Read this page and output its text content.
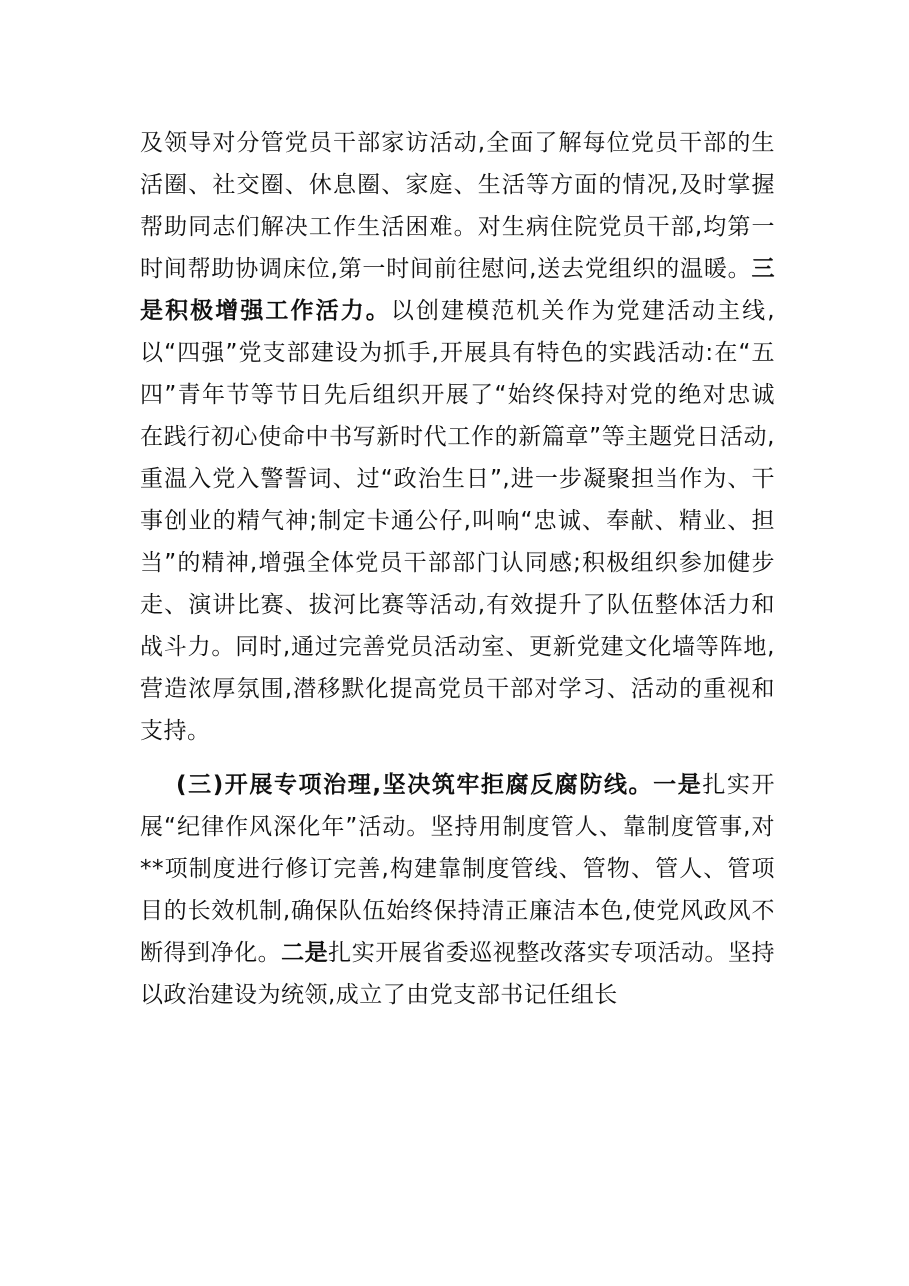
及领导对分管党员干部家访活动,全面了解每位党员干部的生活圈、社交圈、休息圈、家庭、生活等方面的情况,及时掌握帮助同志们解决工作生活困难。对生病住院党员干部,均第一时间帮助协调床位,第一时间前往慰问,送去党组织的温暖。三是积极增强工作活力。以创建模范机关作为党建活动主线,以“四强”党支部建设为抓手,开展具有特色的实践活动:在“五四”青年节等节日先后组织开展了“始终保持对党的绝对忠诚在践行初心使命中书写新时代工作的新篇章”等主题党日活动,重温入党入警誓词、过“政治生日”,进一步凝聚担当作为、干事创业的精气神;制定卡通公仔,叫响“忠诚、奉献、精业、担当”的精神,增强全体党员干部部门认同感;积极组织参加健步走、演讲比赛、拔河比赛等活动,有效提升了队伍整体活力和战斗力。同时,通过完善党员活动室、更新党建文化墙等阵地,营造浓厚氛围,潜移默化提高党员干部对学习、活动的重视和支持。

(三)开展专项治理,坚决筑牢拒腐反腐防线。一是扎实开展“纪律作风深化年”活动。坚持用制度管人、靠制度管事,对**项制度进行修订完善,构建靠制度管线、管物、管人、管项目的长效机制,确保队伍始终保持清正廉洁本色,使党风政风不断得到净化。二是扎实开展省委巡视整改落实专项活动。坚持以政治建设为统领,成立了由党支部书记任组长
